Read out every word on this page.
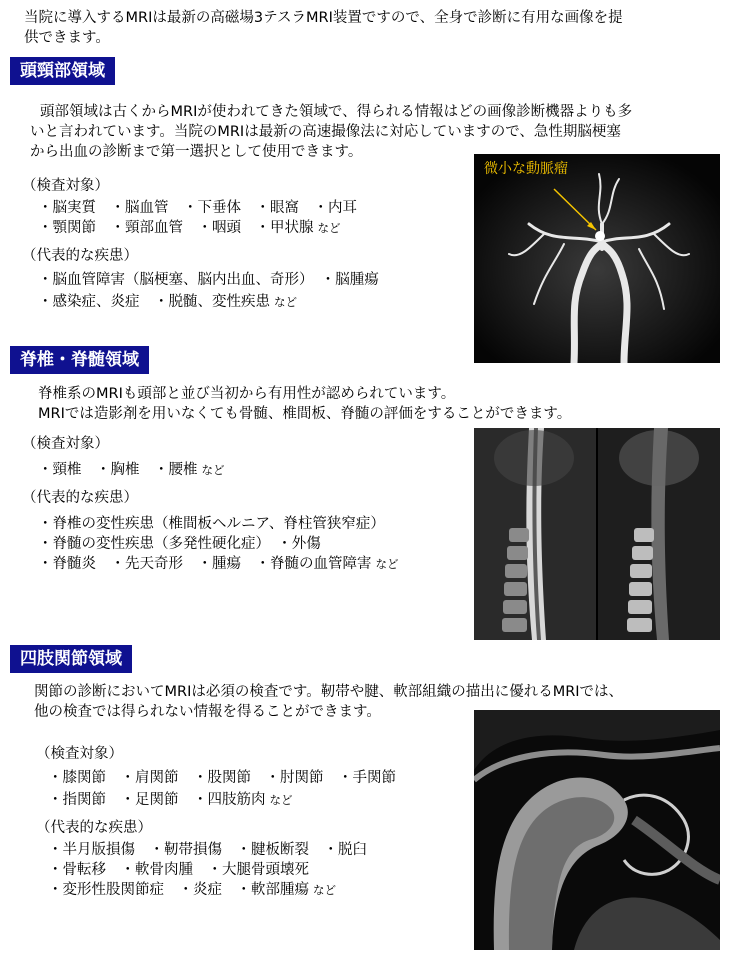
当院に導入するMRIは最新の高磁場3テスラMRI装置ですので、全身で診断に有用な画像を提
供できます。
頭頸部領域
頭部領域は古くからMRIが使われてきた領域で、得られる情報はどの画像診断機器よりも多
いと言われています。当院のMRIは最新の高速撮像法に対応していますので、急性期脳梗塞
から出血の診断まで第一選択として使用できます。
（検査対象）
・脳実質　・脳血管　・下垂体　・眼窩　・内耳
・顎関節　・頸部血管　・咽頭　・甲状腺 など
（代表的な疾患）
・脳血管障害（脳梗塞、脳内出血、奇形）　・脳腫瘍
・感染症、炎症　・脱髄、変性疾患 など
微小な動脈瘤
脊椎・脊髄領域
脊椎系のMRIも頭部と並び当初から有用性が認められています。
MRIでは造影剤を用いなくても骨髄、椎間板、脊髄の評価をすることができます。
（検査対象）
・頸椎　・胸椎　・腰椎 など
（代表的な疾患）
・脊椎の変性疾患（椎間板ヘルニア、脊柱管狭窄症）
・脊髄の変性疾患（多発性硬化症）　・外傷
・脊髄炎　・先天奇形　・腫瘍　・脊髄の血管障害 など
四肢関節領域
関節の診断においてMRIは必須の検査です。靭帯や腱、軟部組織の描出に優れるMRIでは、
他の検査では得られない情報を得ることができます。
（検査対象）
・膝関節　・肩関節　・股関節　・肘関節　・手関節
・指関節　・足関節　・四肢筋肉 など
（代表的な疾患）
・半月版損傷　・靭帯損傷　・腱板断裂　・脱臼
・骨転移　・軟骨肉腫　・大腿骨頭壊死
・変形性股関節症　・炎症　・軟部腫瘍 など
